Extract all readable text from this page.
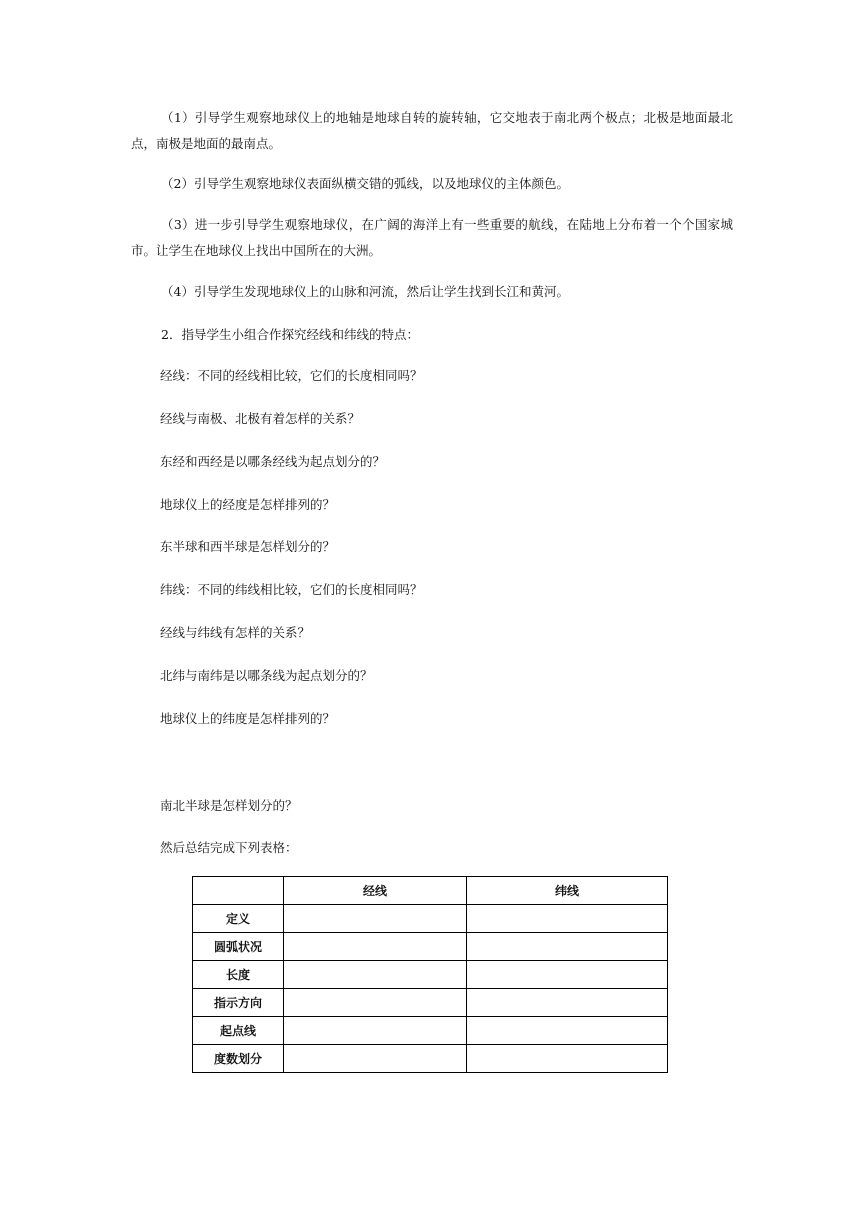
（1）引导学生观察地球仪上的地轴是地球自转的旋转轴，它交地表于南北两个极点；北极是地面最北点，南极是地面的最南点。

（2）引导学生观察地球仪表面纵横交错的弧线，以及地球仪的主体颜色。

（3）进一步引导学生观察地球仪，在广阔的海洋上有一些重要的航线，在陆地上分布着一个个国家城市。让学生在地球仪上找出中国所在的大洲。

（4）引导学生发现地球仪上的山脉和河流，然后让学生找到长江和黄河。

2．指导学生小组合作探究经线和纬线的特点：

经线：不同的经线相比较，它们的长度相同吗？

经线与南极、北极有着怎样的关系？

东经和西经是以哪条经线为起点划分的？

地球仪上的经度是怎样排列的？

东半球和西半球是怎样划分的？

纬线：不同的纬线相比较，它们的长度相同吗？

经线与纬线有怎样的关系？

北纬与南纬是以哪条线为起点划分的？

地球仪上的纬度是怎样排列的？

南北半球是怎样划分的？

然后总结完成下列表格：

	经线	纬线
定义		
圆弧状况		
长度		
指示方向		
起点线		
度数划分		
